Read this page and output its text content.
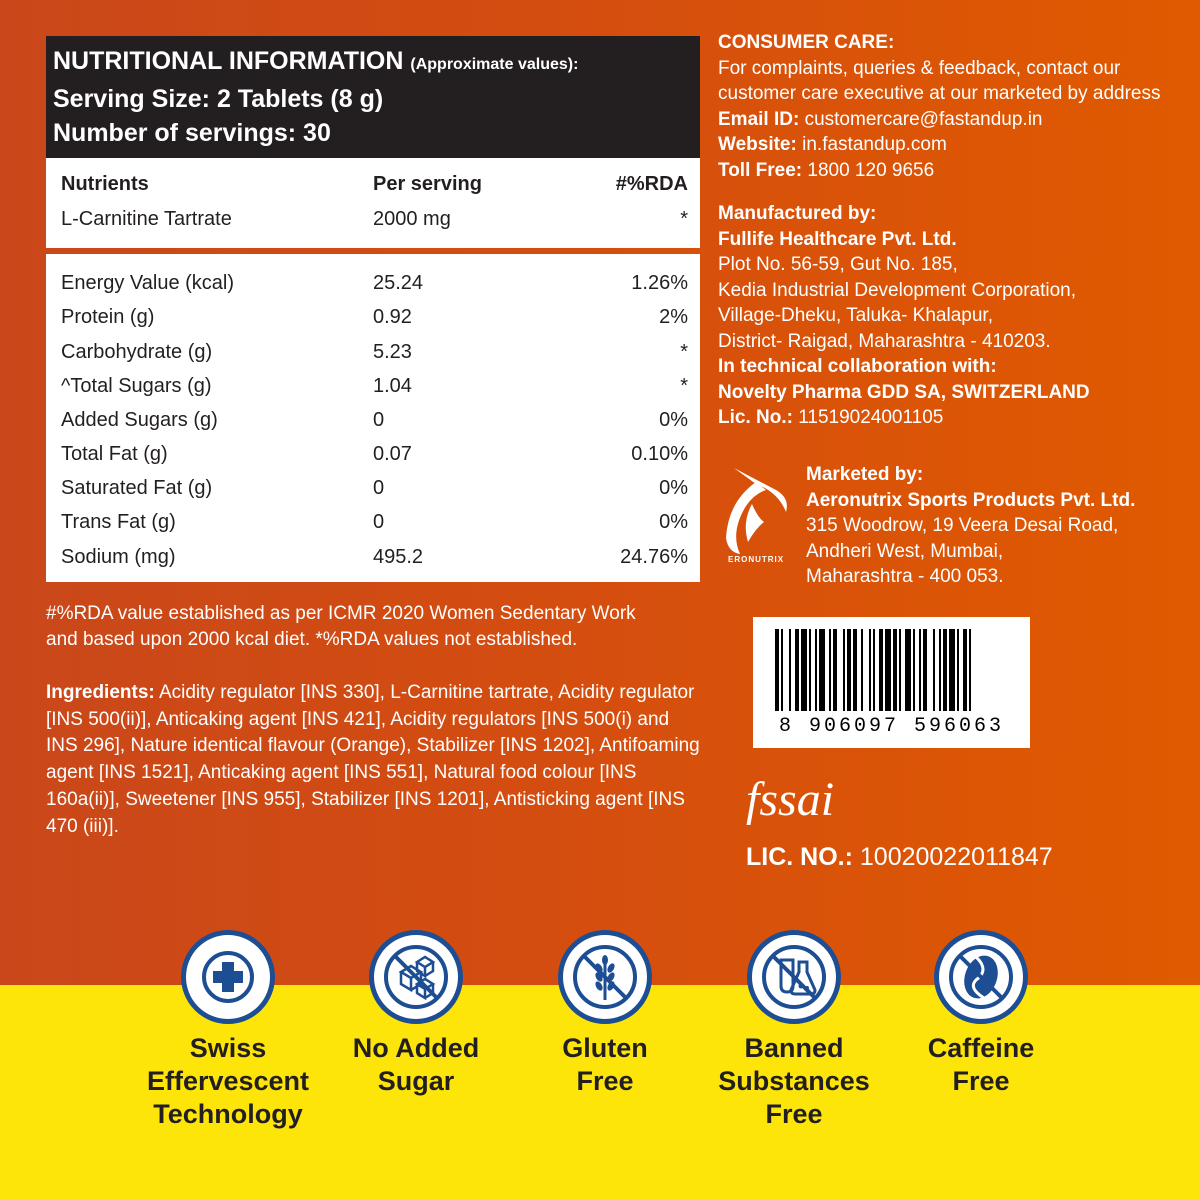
NUTRITIONAL INFORMATION (Approximate values):
Serving Size: 2 Tablets (8 g)
Number of servings: 30
Nutrients	Per serving	#%RDA
L-Carnitine Tartrate	2000 mg	*
Energy Value (kcal)	25.24	1.26%
Protein (g)	0.92	2%
Carbohydrate (g)	5.23	*
^Total Sugars (g)	1.04	*
Added Sugars (g)	0	0%
Total Fat (g)	0.07	0.10%
Saturated Fat (g)	0	0%
Trans Fat (g)	0	0%
Sodium (mg)	495.2	24.76%
#%RDA value established as per ICMR 2020 Women Sedentary Work
and based upon 2000 kcal diet. *%RDA values not established.
Ingredients: Acidity regulator [INS 330], L-Carnitine tartrate, Acidity regulator [INS 500(ii)], Anticaking agent [INS 421], Acidity regulators [INS 500(i) and INS 296], Nature identical flavour (Orange), Stabilizer [INS 1202], Antifoaming agent [INS 1521], Anticaking agent [INS 551], Natural food colour [INS 160a(ii)], Sweetener [INS 955], Stabilizer [INS 1201], Antisticking agent [INS 470 (iii)].
CONSUMER CARE:
For complaints, queries & feedback, contact our
customer care executive at our marketed by address
Email ID: customercare@fastandup.in
Website: in.fastandup.com
Toll Free: 1800 120 9656
Manufactured by:
Fullife Healthcare Pvt. Ltd.
Plot No. 56-59, Gut No. 185,
Kedia Industrial Development Corporation,
Village-Dheku, Taluka- Khalapur,
District- Raigad, Maharashtra - 410203.
In technical collaboration with:
Novelty Pharma GDD SA, SWITZERLAND
Lic. No.: 11519024001105
ERONUTRIX
Marketed by:
Aeronutrix Sports Products Pvt. Ltd.
315 Woodrow, 19 Veera Desai Road,
Andheri West, Mumbai,
Maharashtra - 400 053.
8 906097 596063
fssai
LIC. NO.: 10020022011847
Swiss
Effervescent
Technology
No Added
Sugar
Gluten
Free
Banned
Substances
Free
Caffeine
Free
